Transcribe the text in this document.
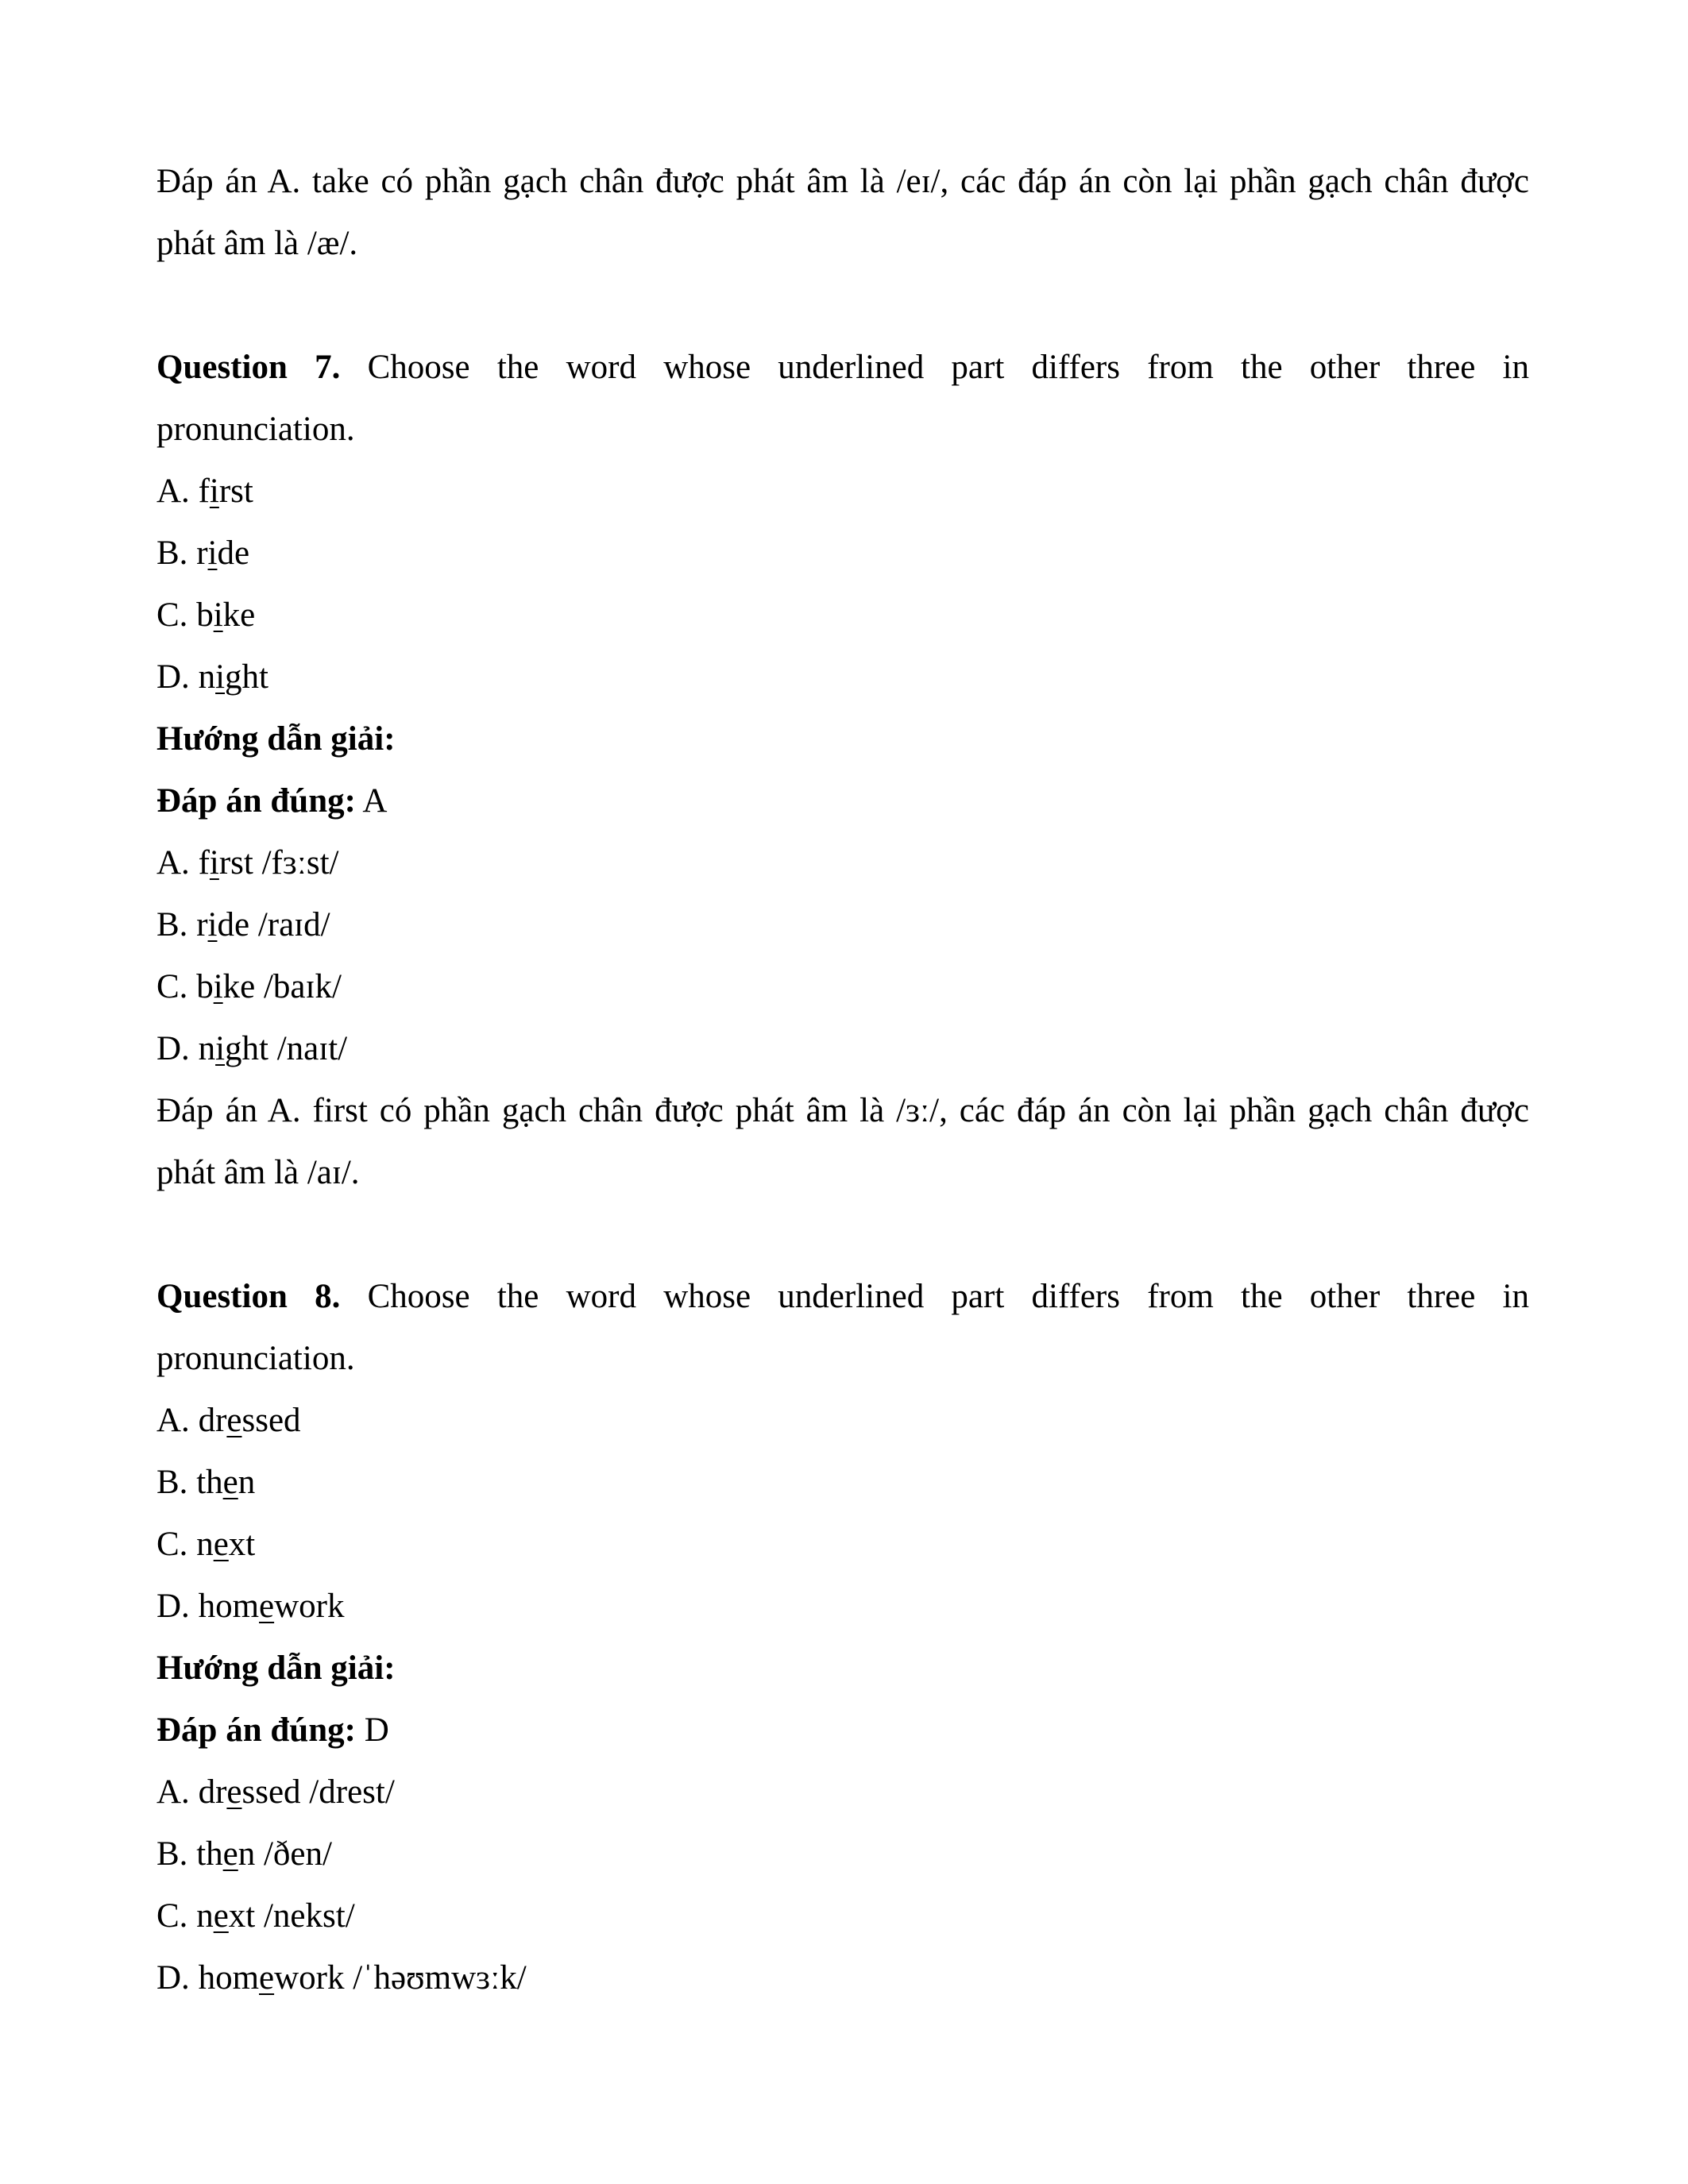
Đáp án A. take có phần gạch chân được phát âm là /eɪ/, các đáp án còn lại phần gạch chân được
phát âm là /æ/.
Question 7. Choose the word whose underlined part differs from the other three in
pronunciation.
A. first
B. ride
C. bike
D. night
Hướng dẫn giải:
Đáp án đúng: A
A. first /fɜːst/
B. ride /raɪd/
C. bike /baɪk/
D. night /naɪt/
Đáp án A. first có phần gạch chân được phát âm là /ɜː/, các đáp án còn lại phần gạch chân được
phát âm là /aɪ/.
Question 8. Choose the word whose underlined part differs from the other three in
pronunciation.
A. dressed
B. then
C. next
D. homework
Hướng dẫn giải:
Đáp án đúng: D
A. dressed /drest/
B. then /ðen/
C. next /nekst/
D. homework /ˈhəʊmwɜːk/
